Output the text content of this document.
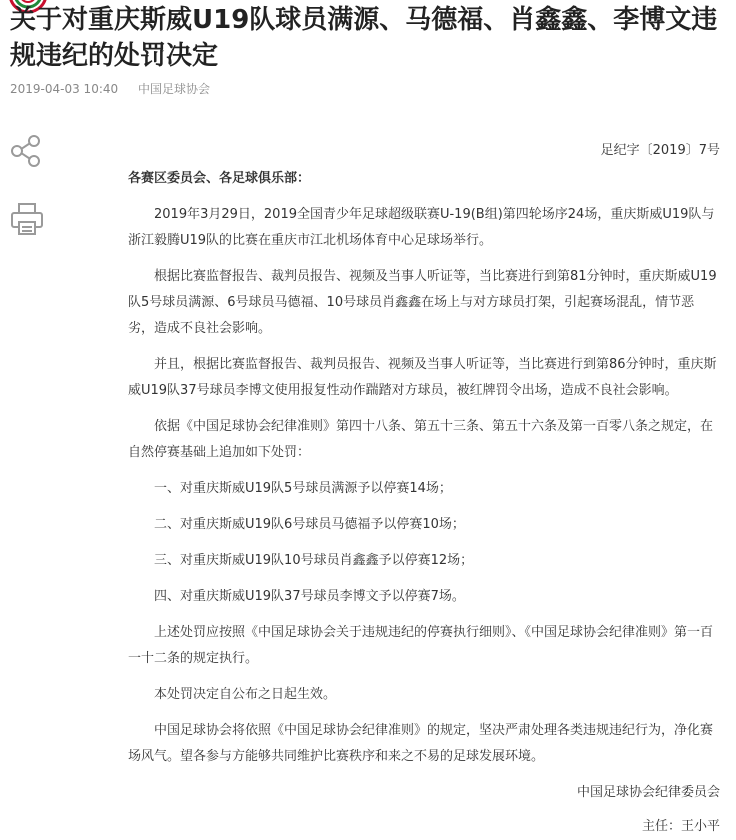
关于对重庆斯威U19队球员满源、马德福、肖鑫鑫、李博文违规违纪的处罚决定
2019-04-03 10:40 中国足球协会

足纪字〔2019〕7号

各赛区委员会、各足球俱乐部：

2019年3月29日，2019全国青少年足球超级联赛U-19(B组)第四轮场序24场，重庆斯威U19队与浙江毅腾U19队的比赛在重庆市江北机场体育中心足球场举行。

根据比赛监督报告、裁判员报告、视频及当事人听证等，当比赛进行到第81分钟时，重庆斯威U19队5号球员满源、6号球员马德福、10号球员肖鑫鑫在场上与对方球员打架，引起赛场混乱，情节恶劣，造成不良社会影响。

并且，根据比赛监督报告、裁判员报告、视频及当事人听证等，当比赛进行到第86分钟时，重庆斯威U19队37号球员李博文使用报复性动作踹踏对方球员，被红牌罚令出场，造成不良社会影响。

依据《中国足球协会纪律准则》第四十八条、第五十三条、第五十六条及第一百零八条之规定，在自然停赛基础上追加如下处罚：

一、对重庆斯威U19队5号球员满源予以停赛14场；

二、对重庆斯威U19队6号球员马德福予以停赛10场；

三、对重庆斯威U19队10号球员肖鑫鑫予以停赛12场；

四、对重庆斯威U19队37号球员李博文予以停赛7场。

上述处罚应按照《中国足球协会关于违规违纪的停赛执行细则》、《中国足球协会纪律准则》第一百一十二条的规定执行。

本处罚决定自公布之日起生效。

中国足球协会将依照《中国足球协会纪律准则》的规定，坚决严肃处理各类违规违纪行为，净化赛场风气。望各参与方能够共同维护比赛秩序和来之不易的足球发展环境。

中国足球协会纪律委员会

主任：王小平
